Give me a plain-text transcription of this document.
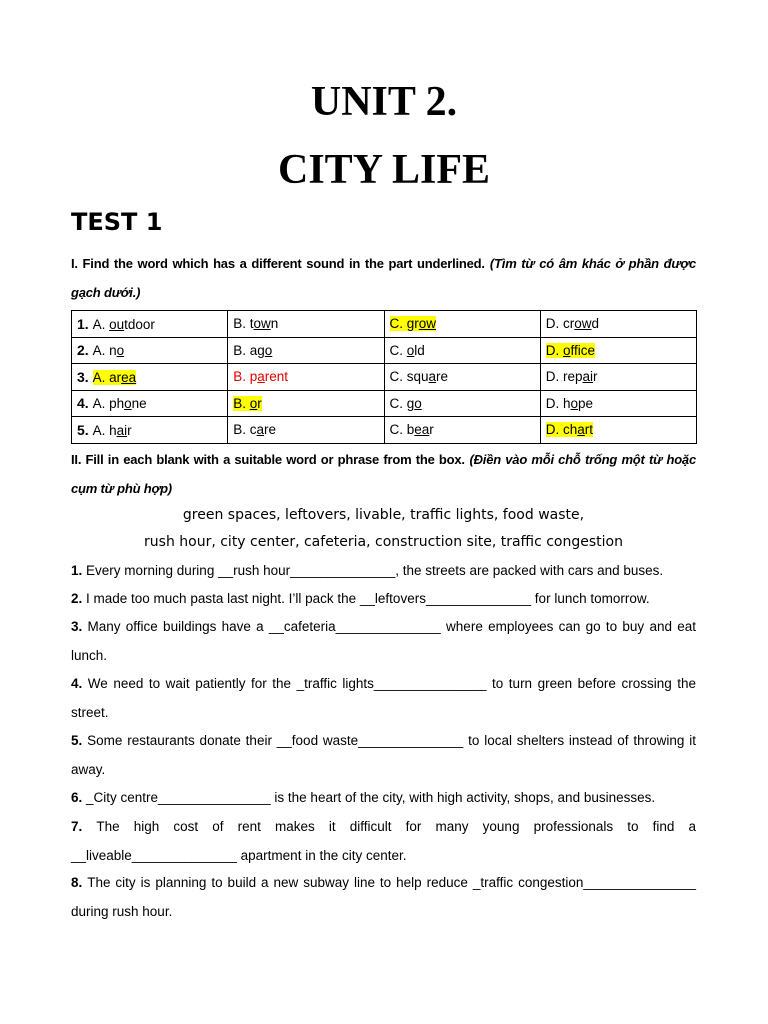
UNIT 2.
CITY LIFE
TEST 1
I. Find the word which has a different sound in the part underlined. (Tìm từ có âm khác ở phần được gạch dưới.)
1. A. outdoor	B. town	C. grow	D. crowd
2. A. no	B. ago	C. old	D. office
3. A. area	B. parent	C. square	D. repair
4. A. phone	B. or	C. go	D. hope
5. A. hair	B. care	C. bear	D. chart
II. Fill in each blank with a suitable word or phrase from the box. (Điền vào mỗi chỗ trống một từ hoặc cụm từ phù hợp)
green spaces, leftovers, livable, traffic lights, food waste,
rush hour, city center, cafeteria, construction site, traffic congestion
1. Every morning during __rush hour______________, the streets are packed with cars and buses.
2. I made too much pasta last night. I’ll pack the __leftovers______________ for lunch tomorrow.
3. Many office buildings have a __cafeteria______________ where employees can go to buy and eat lunch.
4. We need to wait patiently for the _traffic lights_______________ to turn green before crossing the street.
5. Some restaurants donate their __food waste______________ to local shelters instead of throwing it away.
6. _City centre_______________ is the heart of the city, with high activity, shops, and businesses.
7. The high cost of rent makes it difficult for many young professionals to find a __liveable______________ apartment in the city center.
8. The city is planning to build a new subway line to help reduce _traffic congestion_______________ during rush hour.
